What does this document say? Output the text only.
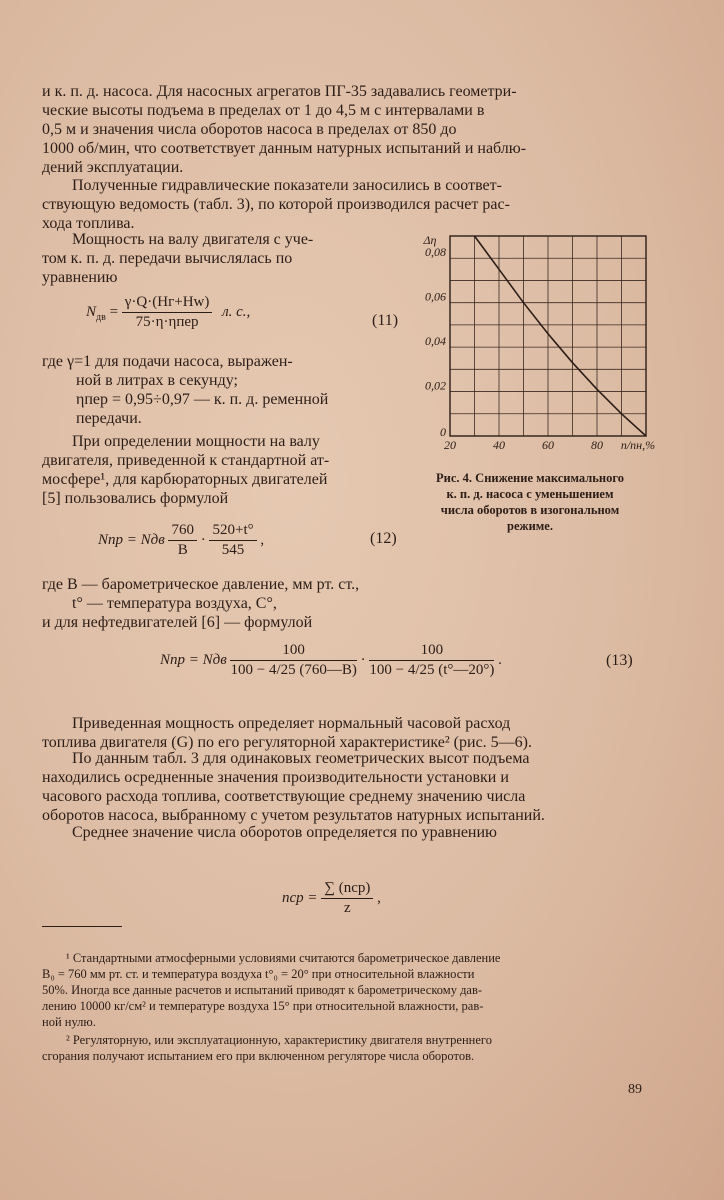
и к. п. д. насоса. Для насосных агрегатов ПГ-35 задавались геометри-
ческие высоты подъема в пределах от 1 до 4,5 м с интервалами в
0,5 м и значения числа оборотов насоса в пределах от 850 до
1000 об/мин, что соответствует данным натурных испытаний и наблю-
дений эксплуатации.
Полученные гидравлические показатели заносились в соответ-
ствующую ведомость (табл. 3), по которой производился расчет рас-
хода топлива.
Мощность на валу двигателя с уче-
том к. п. д. передачи вычислялась по
уравнению
$N_{дв} = \frac{\gamma\cdot Q\cdot(Hг+Hw)}{\text{75·η·ηпер}} л$. с.,
(11)
где γ=1 для подачи насоса, выражен-
ной в литрах в секунду;
ηпер = 0,95÷0,97 — к. п. д. ременной
передачи.
При определении мощности на валу
двигателя, приведенной к стандартной ат-
мосфере¹, для карбюраторных двигателей
[5] пользовались формулой
0
0,02
0,04
0,06
0,08
20	40	60	80 n/nн,%
Δη
Рис. 4. Снижение максимального
к. п. д. насоса с уменьшением
числа оборотов в изогональном
режиме.
Nпр = Nдв $\frac{760}{B} \cdot \frac{520+t^\circ}{545}$ ,	(12)
где B — барометрическое давление, мм рт. ст.,
t° — температура воздуха, C°,
и для нефтедвигателей [6] — формулой
Nпр = Nдв $\frac{100}{100 - 4/25 (760—B)} \cdot \frac{100}{100 - 4/25 (t^\circ—20^\circ)}$ .	(13)
Приведенная мощность определяет нормальный часовой расход
топлива двигателя (G) по его регуляторной характеристике² (рис. 5—6).
По данным табл. 3 для одинаковых геометрических высот подъема
находились осредненные значения производительности установки и
часового расхода топлива, соответствующие среднему значению числа
оборотов насоса, выбранному с учетом результатов натурных испытаний.
Среднее значение числа оборотов определяется по уравнению
nср = $\frac{\text{∑ (nср)}}{z}$ ,
¹ Стандартными атмосферными условиями считаются барометрическое давление
B₀ = 760 мм рт. ст. и температура воздуха t°₀ = 20° при относительной влажности
50%. Иногда все данные расчетов и испытаний приводят к барометрическому дав-
лению 10000 кг/см² и температуре воздуха 15° при относительной влажности, рав-
ной нулю.
² Регуляторную, или эксплуатационную, характеристику двигателя внутреннего
сгорания получают испытанием его при включенном регуляторе числа оборотов.
89
